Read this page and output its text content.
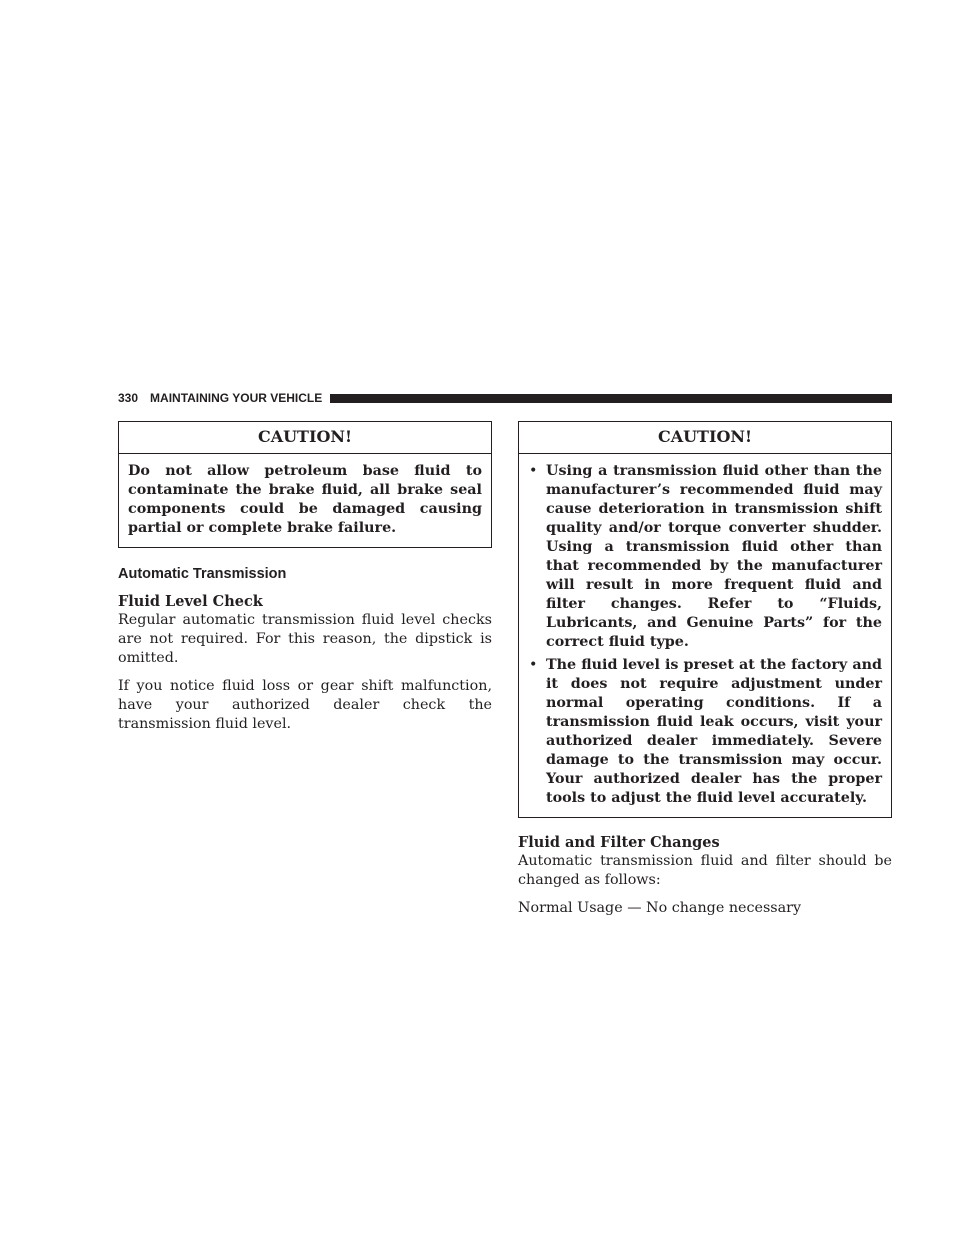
330 MAINTAINING YOUR VEHICLE
CAUTION!
Do not allow petroleum base fluid to contaminate the brake fluid, all brake seal components could be damaged causing partial or complete brake failure.
Automatic Transmission
Fluid Level Check

Regular automatic transmission fluid level checks are not required. For this reason, the dipstick is omitted.

If you notice fluid loss or gear shift malfunction, have your authorized dealer check the transmission fluid level.

CAUTION!
• Using a transmission fluid other than the manufacturer’s recommended fluid may cause deterioration in transmission shift quality and/or torque converter shudder. Using a transmission fluid other than that recommended by the manufacturer will result in more frequent fluid and filter changes. Refer to “Fluids, Lubricants, and Genuine Parts” for the correct fluid type.
• The fluid level is preset at the factory and it does not require adjustment under normal operating conditions. If a transmission fluid leak occurs, visit your authorized dealer immediately. Severe damage to the transmission may occur. Your authorized dealer has the proper tools to adjust the fluid level accurately.
Fluid and Filter Changes

Automatic transmission fluid and filter should be changed as follows:

Normal Usage — No change necessary
